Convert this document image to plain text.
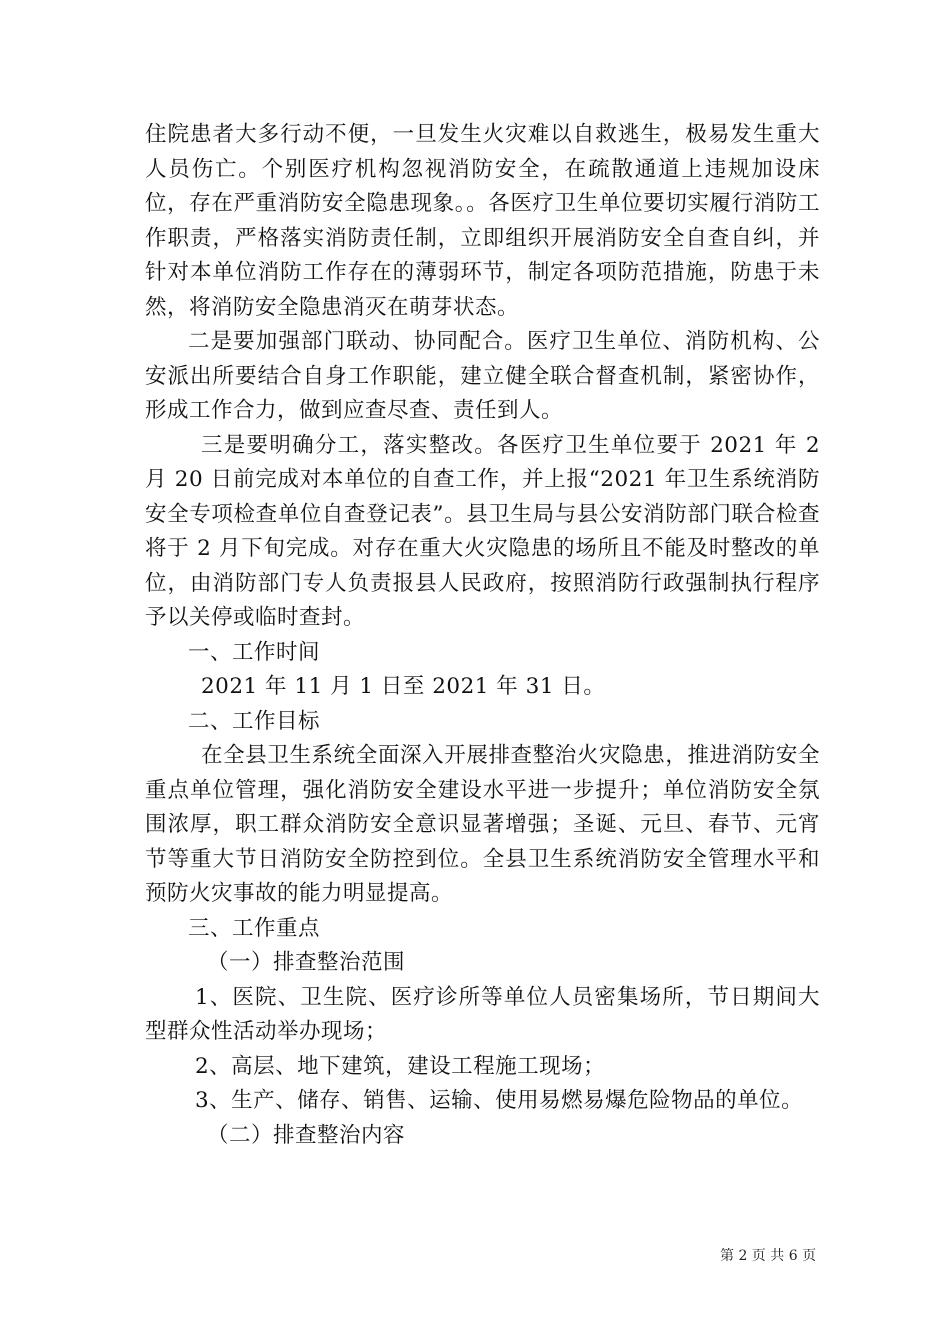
住院患者大多行动不便，一旦发生火灾难以自救逃生，极易发生重大人员伤亡。个别医疗机构忽视消防安全，在疏散通道上违规加设床位，存在严重消防安全隐患现象。。各医疗卫生单位要切实履行消防工作职责，严格落实消防责任制，立即组织开展消防安全自查自纠，并针对本单位消防工作存在的薄弱环节，制定各项防范措施，防患于未然，将消防安全隐患消灭在萌芽状态。

二是要加强部门联动、协同配合。医疗卫生单位、消防机构、公安派出所要结合自身工作职能，建立健全联合督查机制，紧密协作，形成工作合力，做到应查尽查、责任到人。

三是要明确分工，落实整改。各医疗卫生单位要于 2021 年 2 月 20 日前完成对本单位的自查工作，并上报“2021 年卫生系统消防安全专项检查单位自查登记表”。县卫生局与县公安消防部门联合检查将于 2 月下旬完成。对存在重大火灾隐患的场所且不能及时整改的单位，由消防部门专人负责报县人民政府，按照消防行政强制执行程序予以关停或临时查封。

一、工作时间

2021 年 11 月 1 日至 2021 年 31 日。

二、工作目标

在全县卫生系统全面深入开展排查整治火灾隐患，推进消防安全重点单位管理，强化消防安全建设水平进一步提升；单位消防安全氛围浓厚，职工群众消防安全意识显著增强；圣诞、元旦、春节、元宵节等重大节日消防安全防控到位。全县卫生系统消防安全管理水平和预防火灾事故的能力明显提高。

三、工作重点

（一）排查整治范围

1、医院、卫生院、医疗诊所等单位人员密集场所，节日期间大型群众性活动举办现场；

2、高层、地下建筑，建设工程施工现场；

3、生产、储存、销售、运输、使用易燃易爆危险物品的单位。

（二）排查整治内容

第 2 页 共 6 页
